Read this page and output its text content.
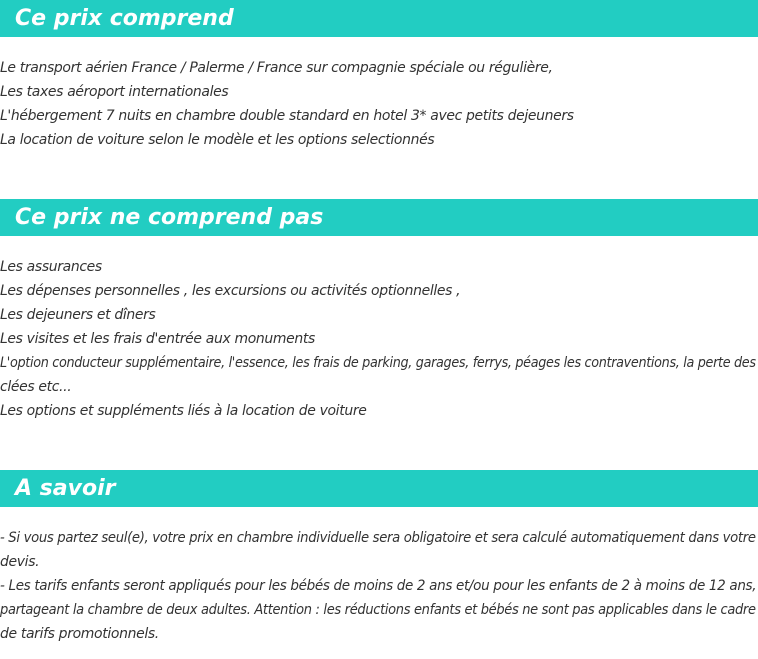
Ce prix comprend
Le transport aérien France / Palerme / France sur compagnie spéciale ou régulière,
Les taxes aéroport internationales
L'hébergement 7 nuits en chambre double standard en hotel 3* avec petits dejeuners
La location de voiture selon le modèle et les options selectionnés
Ce prix ne comprend pas
Les assurances
Les dépenses personnelles , les excursions ou activités optionnelles ,
Les dejeuners et dîners
Les visites et les frais d'entrée aux monuments
L'option conducteur supplémentaire, l'essence, les frais de parking, garages, ferrys, péages les contraventions, la perte des
clées etc...
Les options et suppléments liés à la location de voiture
A savoir
- Si vous partez seul(e), votre prix en chambre individuelle sera obligatoire et sera calculé automatiquement dans votre
devis.
- Les tarifs enfants seront appliqués pour les bébés de moins de 2 ans et/ou pour les enfants de 2 à moins de 12 ans,
partageant la chambre de deux adultes. Attention : les réductions enfants et bébés ne sont pas applicables dans le cadre
de tarifs promotionnels.
